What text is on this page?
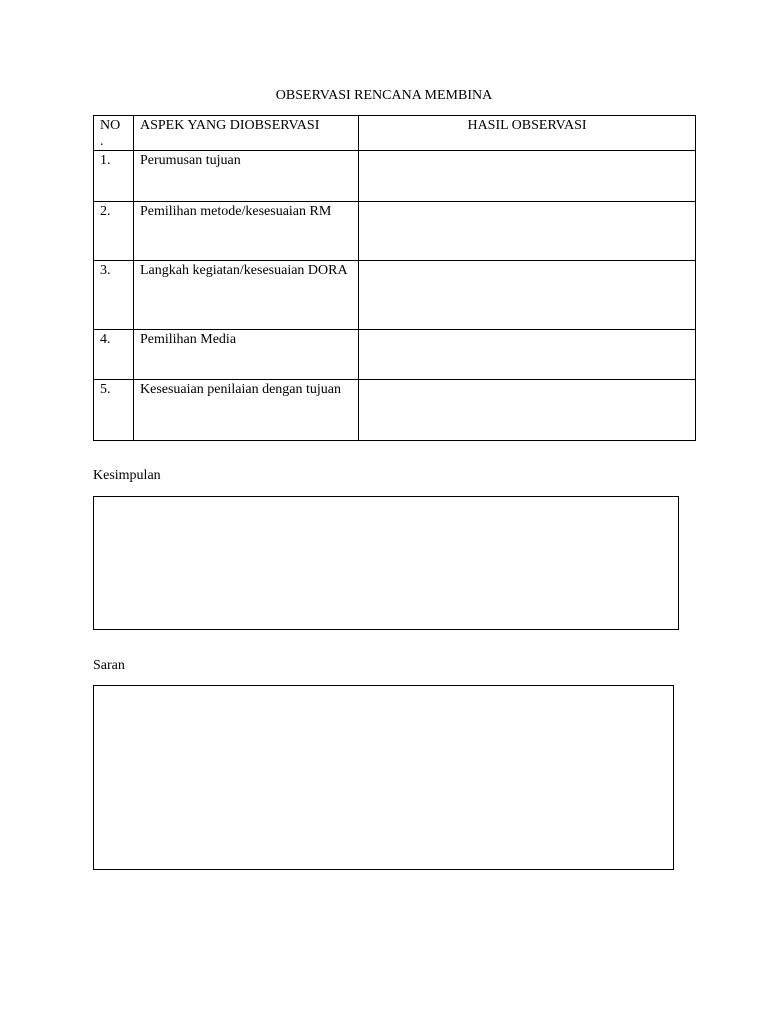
OBSERVASI RENCANA MEMBINA
NO
.	ASPEK YANG DIOBSERVASI	HASIL OBSERVASI
1.	Perumusan tujuan	
2.	Pemilihan metode/kesesuaian RM	
3.	Langkah kegiatan/kesesuaian DORA	
4.	Pemilihan Media	
5.	Kesesuaian penilaian dengan tujuan	
Kesimpulan
Saran
